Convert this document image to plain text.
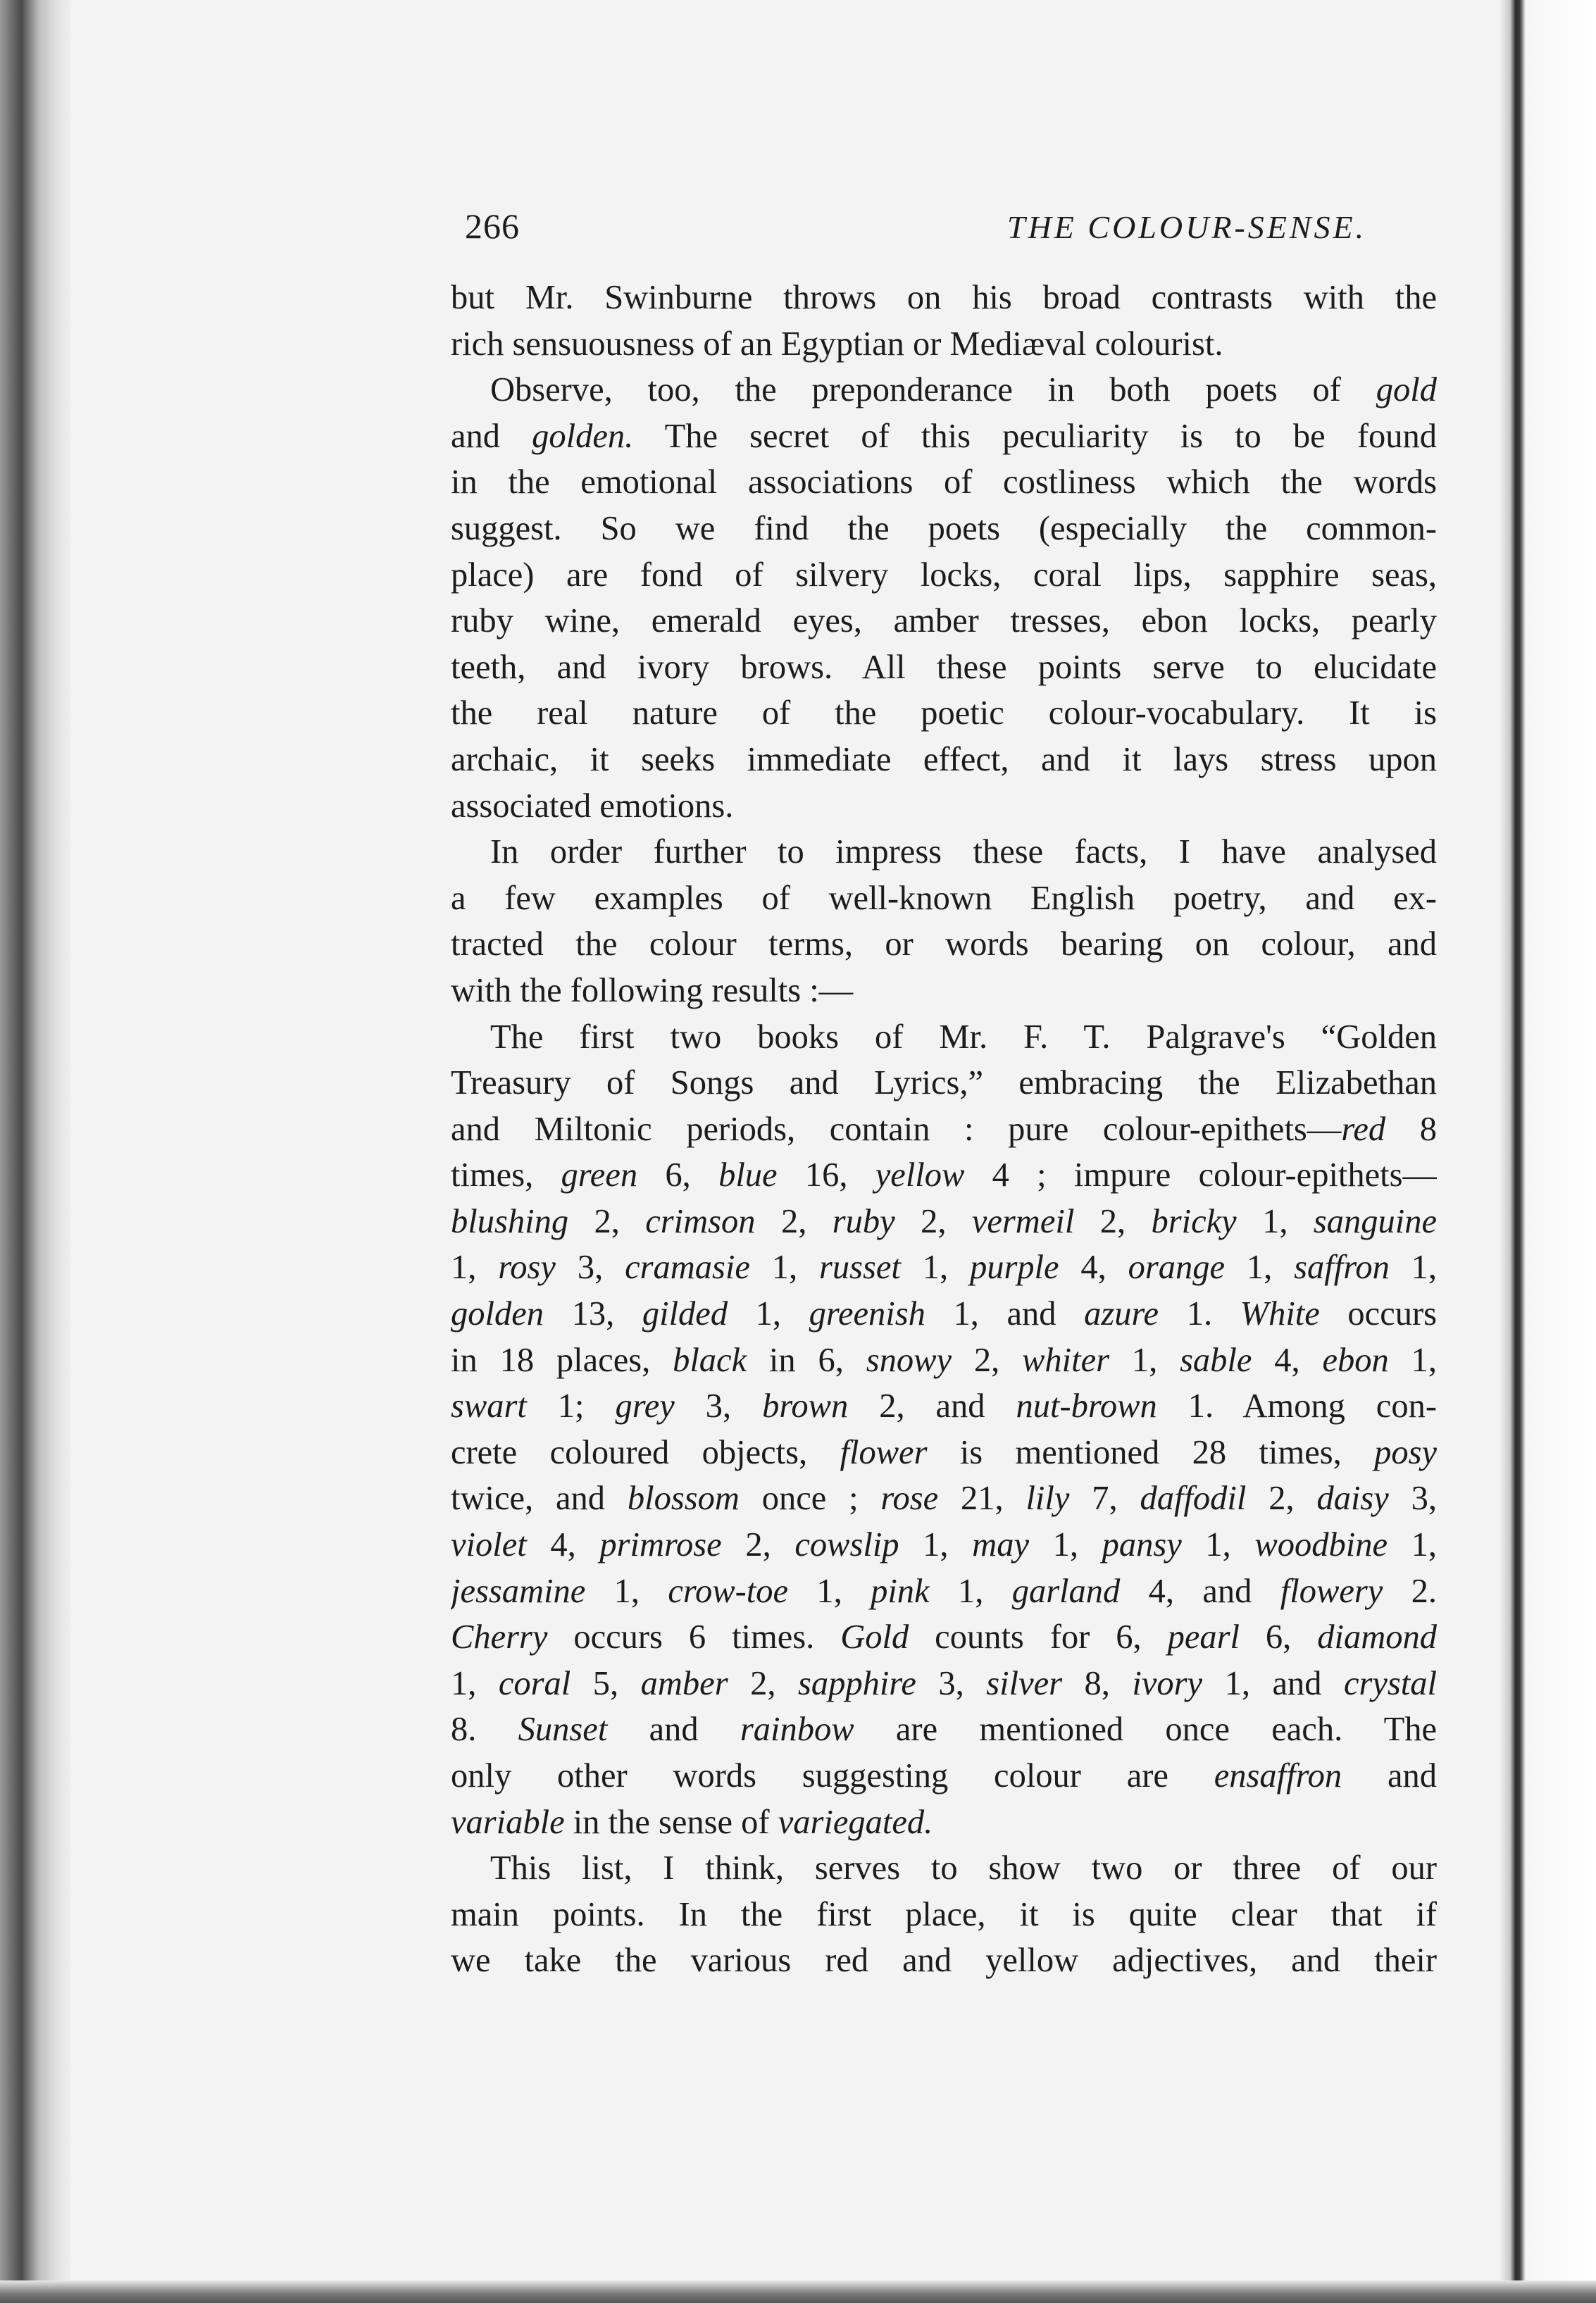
266	THE COLOUR-SENSE.
but Mr. Swinburne throws on his broad contrasts with the
rich sensuousness of an Egyptian or Mediæval colourist.
Observe, too, the preponderance in both poets of gold
and golden. The secret of this peculiarity is to be found
in the emotional associations of costliness which the words
suggest. So we find the poets (especially the common-
place) are fond of silvery locks, coral lips, sapphire seas,
ruby wine, emerald eyes, amber tresses, ebon locks, pearly
teeth, and ivory brows. All these points serve to elucidate
the real nature of the poetic colour-vocabulary. It is
archaic, it seeks immediate effect, and it lays stress upon
associated emotions.
In order further to impress these facts, I have analysed
a few examples of well-known English poetry, and ex-
tracted the colour terms, or words bearing on colour, and
with the following results :—
The first two books of Mr. F. T. Palgrave's “Golden
Treasury of Songs and Lyrics,” embracing the Elizabethan
and Miltonic periods, contain : pure colour-epithets—red 8
times, green 6, blue 16, yellow 4 ; impure colour-epithets—
blushing 2, crimson 2, ruby 2, vermeil 2, bricky 1, sanguine
1, rosy 3, cramasie 1, russet 1, purple 4, orange 1, saffron 1,
golden 13, gilded 1, greenish 1, and azure 1. White occurs
in 18 places, black in 6, snowy 2, whiter 1, sable 4, ebon 1,
swart 1; grey 3, brown 2, and nut-brown 1. Among con-
crete coloured objects, flower is mentioned 28 times, posy
twice, and blossom once ; rose 21, lily 7, daffodil 2, daisy 3,
violet 4, primrose 2, cowslip 1, may 1, pansy 1, woodbine 1,
jessamine 1, crow-toe 1, pink 1, garland 4, and flowery 2.
Cherry occurs 6 times. Gold counts for 6, pearl 6, diamond
1, coral 5, amber 2, sapphire 3, silver 8, ivory 1, and crystal
8. Sunset and rainbow are mentioned once each. The
only other words suggesting colour are ensaffron and
variable in the sense of variegated.
This list, I think, serves to show two or three of our
main points. In the first place, it is quite clear that if
we take the various red and yellow adjectives, and their
